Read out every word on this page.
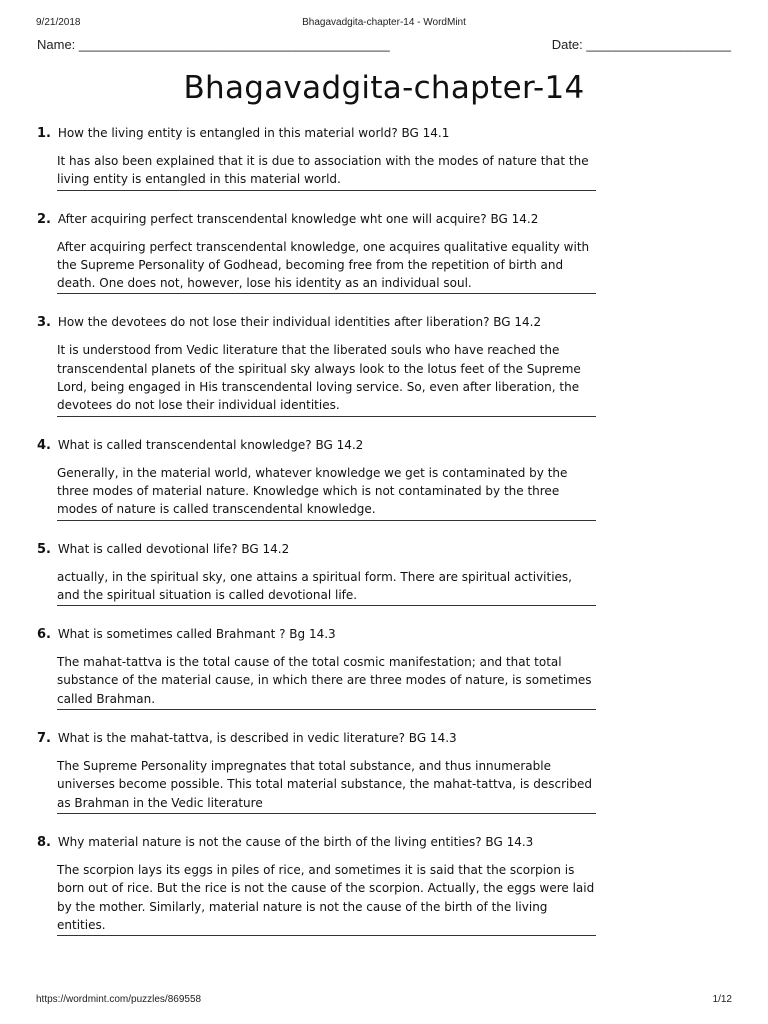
9/21/2018	Bhagavadgita-chapter-14 - WordMint
Name: ___________________________________________	Date: ____________________
Bhagavadgita-chapter-14
1. How the living entity is entangled in this material world? BG 14.1
It has also been explained that it is due to association with the modes of nature that the living entity is entangled in this material world.
2. After acquiring perfect transcendental knowledge wht one will acquire? BG 14.2
After acquiring perfect transcendental knowledge, one acquires qualitative equality with the Supreme Personality of Godhead, becoming free from the repetition of birth and death. One does not, however, lose his identity as an individual soul.
3. How the devotees do not lose their individual identities after liberation? BG 14.2
It is understood from Vedic literature that the liberated souls who have reached the transcendental planets of the spiritual sky always look to the lotus feet of the Supreme Lord, being engaged in His transcendental loving service. So, even after liberation, the devotees do not lose their individual identities.
4. What is called transcendental knowledge? BG 14.2
Generally, in the material world, whatever knowledge we get is contaminated by the three modes of material nature. Knowledge which is not contaminated by the three modes of nature is called transcendental knowledge.
5. What is called devotional life? BG 14.2
actually, in the spiritual sky, one attains a spiritual form. There are spiritual activities, and the spiritual situation is called devotional life.
6. What is sometimes called Brahmant ? Bg 14.3
The mahat-tattva is the total cause of the total cosmic manifestation; and that total substance of the material cause, in which there are three modes of nature, is sometimes called Brahman.
7. What is the mahat-tattva, is described in vedic literature? BG 14.3
The Supreme Personality impregnates that total substance, and thus innumerable universes become possible. This total material substance, the mahat-tattva, is described as Brahman in the Vedic literature
8. Why material nature is not the cause of the birth of the living entities? BG 14.3
The scorpion lays its eggs in piles of rice, and sometimes it is said that the scorpion is born out of rice. But the rice is not the cause of the scorpion. Actually, the eggs were laid by the mother. Similarly, material nature is not the cause of the birth of the living entities.
https://wordmint.com/puzzles/869558	1/12
